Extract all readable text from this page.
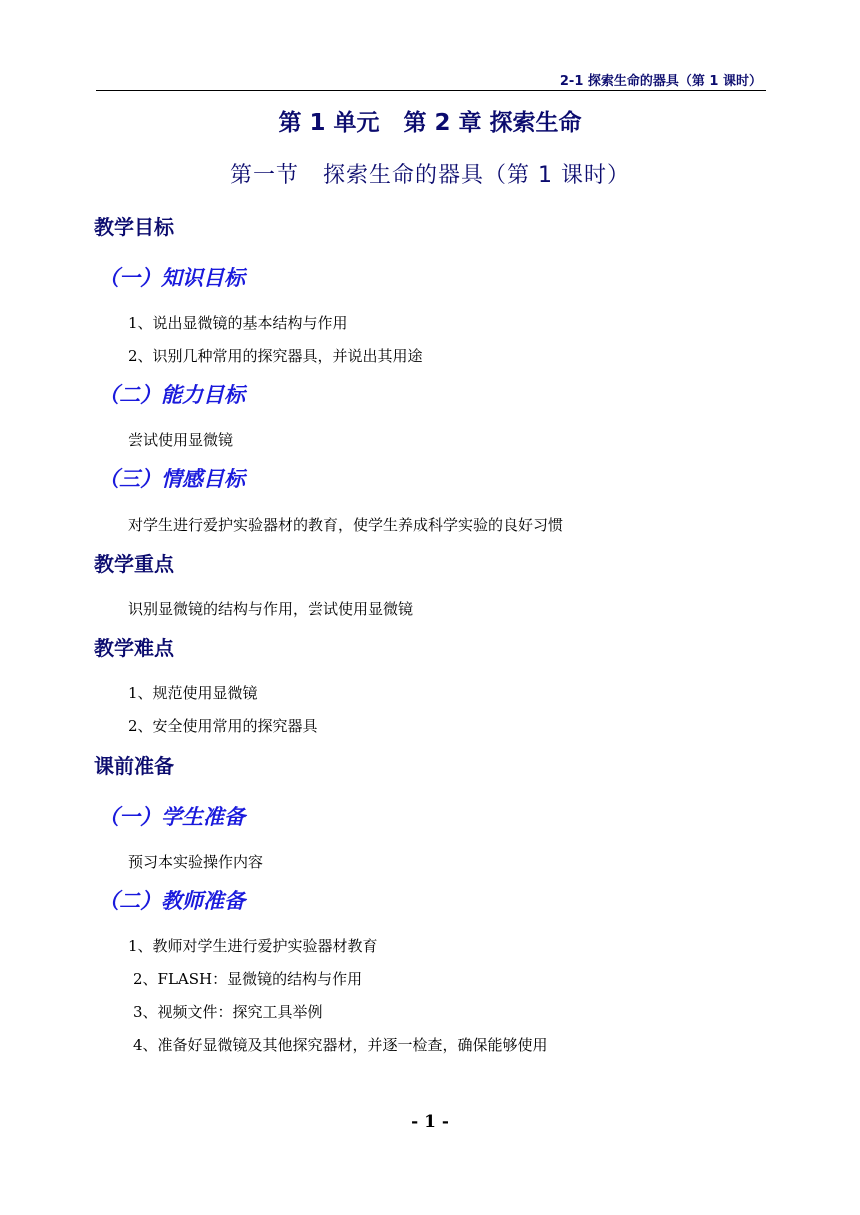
2-1 探索生命的器具（第 1 课时）
第 1 单元   第 2 章 探索生命
第一节   探索生命的器具（第 1 课时）
教学目标
（一）知识目标
1、说出显微镜的基本结构与作用
2、识别几种常用的探究器具，并说出其用途
（二）能力目标
尝试使用显微镜
（三）情感目标
对学生进行爱护实验器材的教育，使学生养成科学实验的良好习惯
教学重点
识别显微镜的结构与作用，尝试使用显微镜
教学难点
1、规范使用显微镜
2、安全使用常用的探究器具
课前准备
（一）学生准备
预习本实验操作内容
（二）教师准备
1、教师对学生进行爱护实验器材教育
2、FLASH：显微镜的结构与作用
3、视频文件：探究工具举例
4、准备好显微镜及其他探究器材，并逐一检查，确保能够使用
- 1 -
